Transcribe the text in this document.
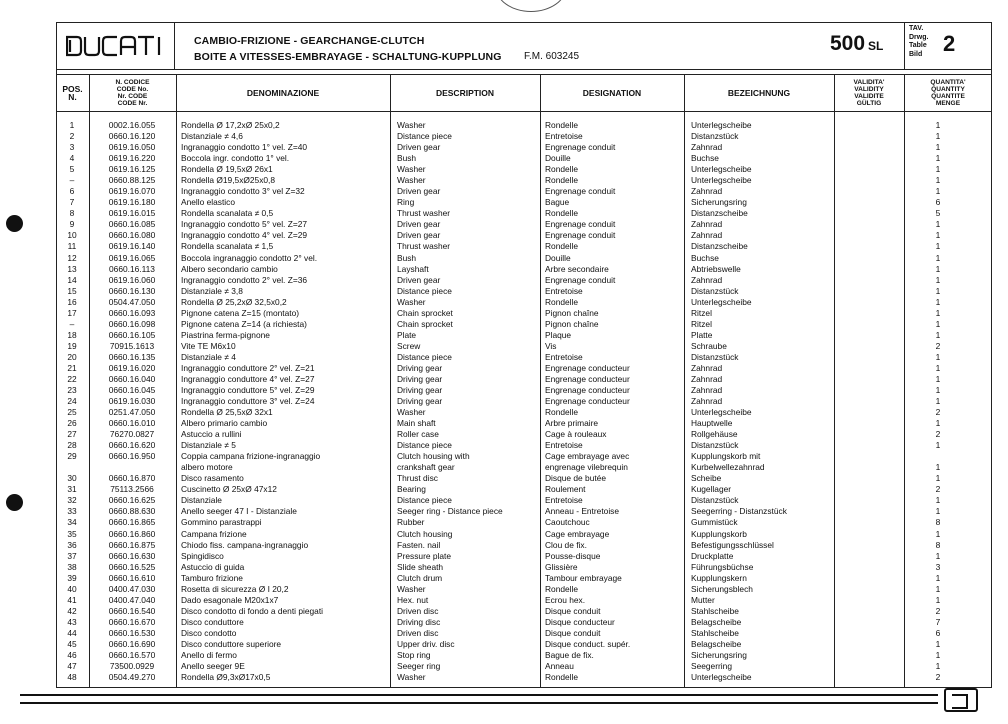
CAMBIO-FRIZIONE - GEARCHANGE-CLUTCH
BOITE A VITESSES-EMBRAYAGE - SCHALTUNG-KUPPLUNG F.M. 603245
500 SL
TAV.
Drwg.
Table
Bild 2
POS.
N.
N. CODICE
CODE No.
Nr. CODE
CODE Nr.
DENOMINAZIONE	DESCRIPTION	DESIGNATION	BEZEICHNUNG
VALIDITA'
VALIDITY
VALIDITE
GÜLTIG
QUANTITA'
QUANTITY
QUANTITE
MENGE
1	0002.16.055	Rondella Ø 17,2xØ 25x0,2	Washer	Rondelle	Unterlegscheibe	1
2	0660.16.120	Distanziale ≠ 4,6	Distance piece	Entretoise	Distanzstück	1
3	0619.16.050	Ingranaggio condotto 1° vel. Z=40	Driven gear	Engrenage conduit	Zahnrad	1
4	0619.16.220	Boccola ingr. condotto 1° vel.	Bush	Douille	Buchse	1
5	0619.16.125	Rondella Ø 19,5xØ 26x1	Washer	Rondelle	Unterlegscheibe	1
–	0660.88.125	Rondella Ø19,5xØ25x0,8	Washer	Rondelle	Unterlegscheibe	1
6	0619.16.070	Ingranaggio condotto 3° vel Z=32	Driven gear	Engrenage conduit	Zahnrad	1
7	0619.16.180	Anello elastico	Ring	Bague	Sicherungsring	6
8	0619.16.015	Rondella scanalata ≠ 0,5	Thrust washer	Rondelle	Distanzscheibe	5
9	0660.16.085	Ingranaggio condotto 5° vel. Z=27	Driven gear	Engrenage conduit	Zahnrad	1
10	0660.16.080	Ingranaggio condotto 4° vel. Z=29	Driven gear	Engrenage conduit	Zahnrad	1
11	0619.16.140	Rondella scanalata ≠ 1,5	Thrust washer	Rondelle	Distanzscheibe	1
12	0619.16.065	Boccola ingranaggio condotto 2° vel.	Bush	Douille	Buchse	1
13	0660.16.113	Albero secondario cambio	Layshaft	Arbre secondaire	Abtriebswelle	1
14	0619.16.060	Ingranaggio condotto 2° vel. Z=36	Driven gear	Engrenage conduit	Zahnrad	1
15	0660.16.130	Distanziale ≠ 3,8	Distance piece	Entretoise	Distanzstück	1
16	0504.47.050	Rondella Ø 25,2xØ 32,5x0,2	Washer	Rondelle	Unterlegscheibe	1
17	0660.16.093	Pignone catena Z=15 (montato)	Chain sprocket	Pignon chaîne	Ritzel	1
–	0660.16.098	Pignone catena Z=14 (a richiesta)	Chain sprocket	Pignon chaîne	Ritzel	1
18	0660.16.105	Piastrina ferma-pignone	Plate	Plaque	Platte	1
19	70915.1613	Vite TE M6x10	Screw	Vis	Schraube	2
20	0660.16.135	Distanziale ≠ 4	Distance piece	Entretoise	Distanzstück	1
21	0619.16.020	Ingranaggio conduttore 2° vel. Z=21	Driving gear	Engrenage conducteur	Zahnrad	1
22	0660.16.040	Ingranaggio conduttore 4° vel. Z=27	Driving gear	Engrenage conducteur	Zahnrad	1
23	0660.16.045	Ingranaggio conduttore 5° vel. Z=29	Driving gear	Engrenage conducteur	Zahnrad	1
24	0619.16.030	Ingranaggio conduttore 3° vel. Z=24	Driving gear	Engrenage conducteur	Zahnrad	1
25	0251.47.050	Rondella Ø 25,5xØ 32x1	Washer	Rondelle	Unterlegscheibe	2
26	0660.16.010	Albero primario cambio	Main shaft	Arbre primaire	Hauptwelle	1
27	76270.0827	Astuccio a rullini	Roller case	Cage à rouleaux	Rollgehäuse	2
28	0660.16.620	Distanziale ≠ 5	Distance piece	Entretoise	Distanzstück	1
29	0660.16.950	Coppia campana frizione-ingranaggio	Clutch housing with	Cage embrayage avec	Kupplungskorb mit
albero motore	crankshaft gear	engrenage vilebrequin	Kurbelwellezahnrad	1
30	0660.16.870	Disco rasamento	Thrust disc	Disque de butée	Scheibe	1
31	75113.2566	Cuscinetto Ø 25xØ 47x12	Bearing	Roulement	Kugellager	2
32	0660.16.625	Distanziale	Distance piece	Entretoise	Distanzstück	1
33	0660.88.630	Anello seeger 47 I - Distanziale	Seeger ring - Distance piece	Anneau - Entretoise	Seegerring - Distanzstück	1
34	0660.16.865	Gommino parastrappi	Rubber	Caoutchouc	Gummistück	8
35	0660.16.860	Campana frizione	Clutch housing	Cage embrayage	Kupplungskorb	1
36	0660.16.875	Chiodo fiss. campana-ingranaggio	Fasten. nail	Clou de fix.	Befestigungsschlüssel	8
37	0660.16.630	Spingidisco	Pressure plate	Pousse-disque	Druckplatte	1
38	0660.16.525	Astuccio di guida	Slide sheath	Glissière	Führungsbüchse	3
39	0660.16.610	Tamburo frizione	Clutch drum	Tambour embrayage	Kupplungskern	1
40	0400.47.030	Rosetta di sicurezza Ø I 20,2	Washer	Rondelle	Sicherungsblech	1
41	0400.47.040	Dado esagonale M20x1x7	Hex. nut	Ecrou hex.	Mutter	1
42	0660.16.540	Disco condotto di fondo a denti piegati	Driven disc	Disque conduit	Stahlscheibe	2
43	0660.16.670	Disco conduttore	Driving disc	Disque conducteur	Belagscheibe	7
44	0660.16.530	Disco condotto	Driven disc	Disque conduit	Stahlscheibe	6
45	0660.16.690	Disco conduttore superiore	Upper driv. disc	Disque conduct. supér.	Belagscheibe	1
46	0660.16.570	Anello di fermo	Stop ring	Bague de fix.	Sicherungsring	1
47	73500.0929	Anello seeger 9E	Seeger ring	Anneau	Seegerring	1
48	0504.49.270	Rondella Ø9,3xØ17x0,5	Washer	Rondelle	Unterlegscheibe	2
